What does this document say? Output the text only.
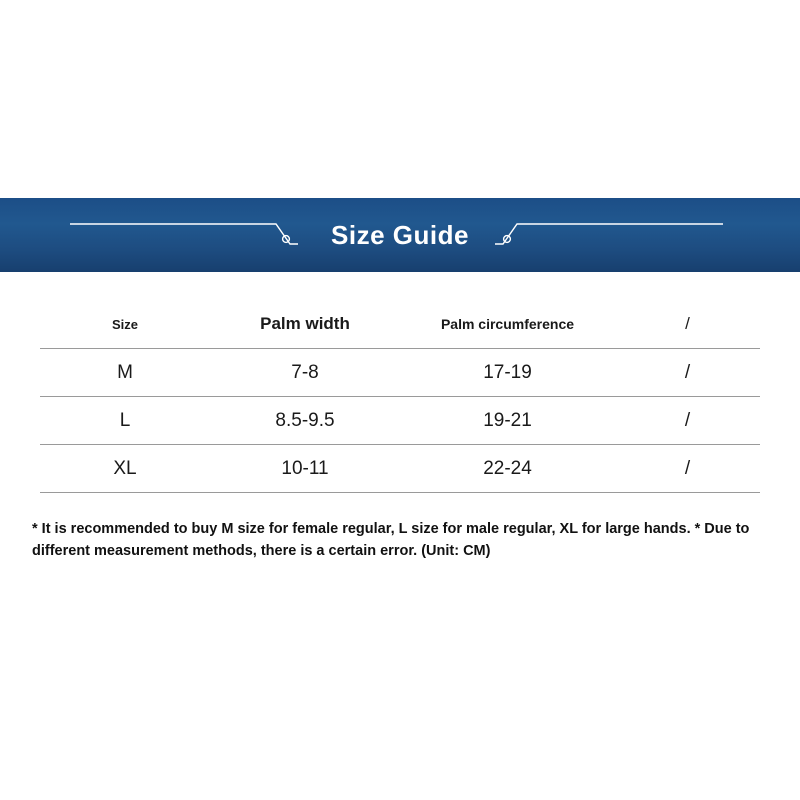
Size Guide
Size	Palm width	Palm circumference	/
M	7-8	17-19	/
L	8.5-9.5	19-21	/
XL	10-11	22-24	/
* It is recommended to buy M size for female regular, L size for male regular, XL for large hands. * Due to different measurement methods, there is a certain error. (Unit: CM)
